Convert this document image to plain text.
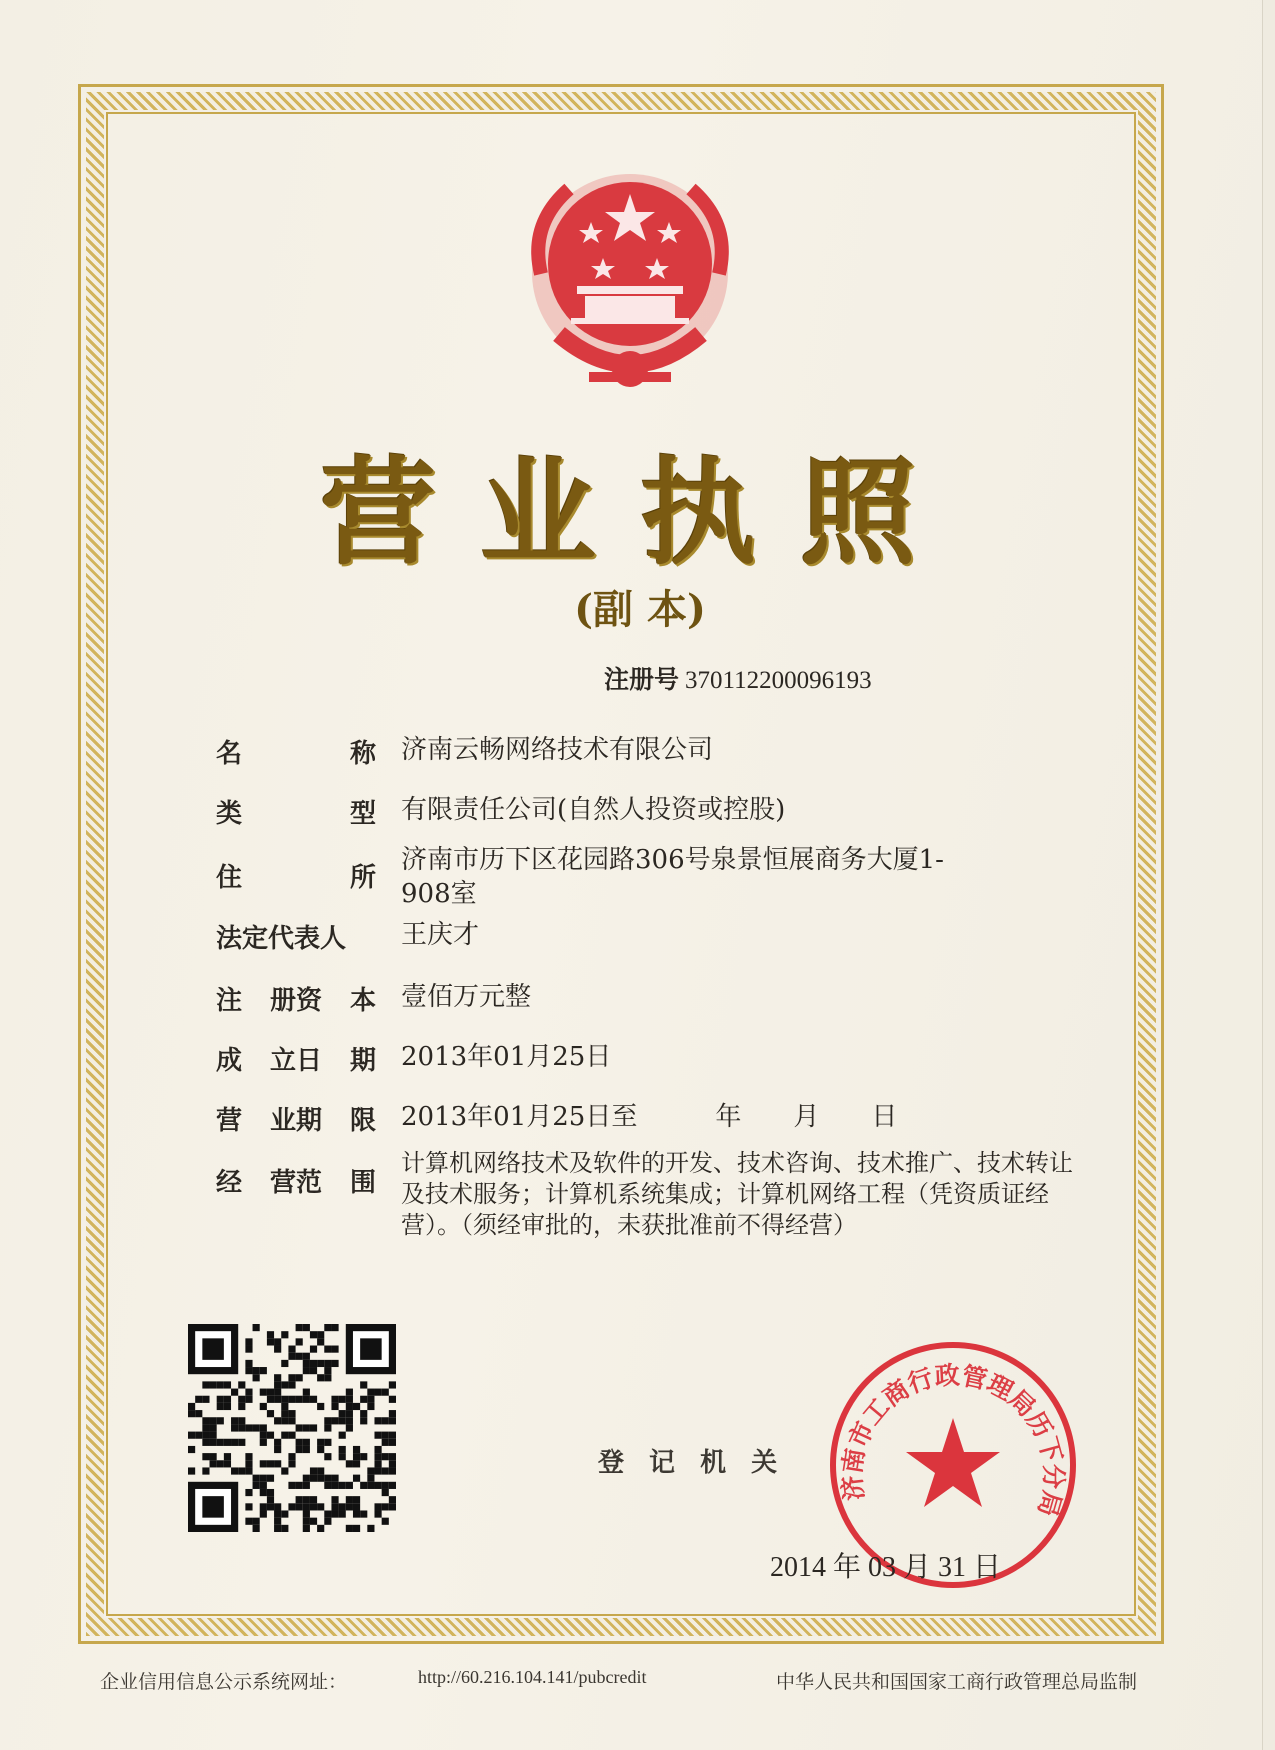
营业执照
(副 本)
注册号 370112200096193
名	称 济南云畅网络技术有限公司
类	型 有限责任公司(自然人投资或控股)
住	所
济南市历下区花园路306号泉景恒展商务大厦1-908室
法定代表人 王庆才
注 册资 本 壹佰万元整
成 立日 期 2013年01月25日
营 业期 限 2013年01月25日至　　　年　　月　　日
经 营范 围
计算机网络技术及软件的开发、技术咨询、技术推广、技术转让及技术服务；计算机系统集成；计算机网络工程（凭资质证经营）。（须经审批的，未获批准前不得经营）
登 记 机 关
济南市工商行政管理局历下分局
2014 年 03 月 31 日
企业信用信息公示系统网址：	http://60.216.104.141/pubcredit	中华人民共和国国家工商行政管理总局监制
